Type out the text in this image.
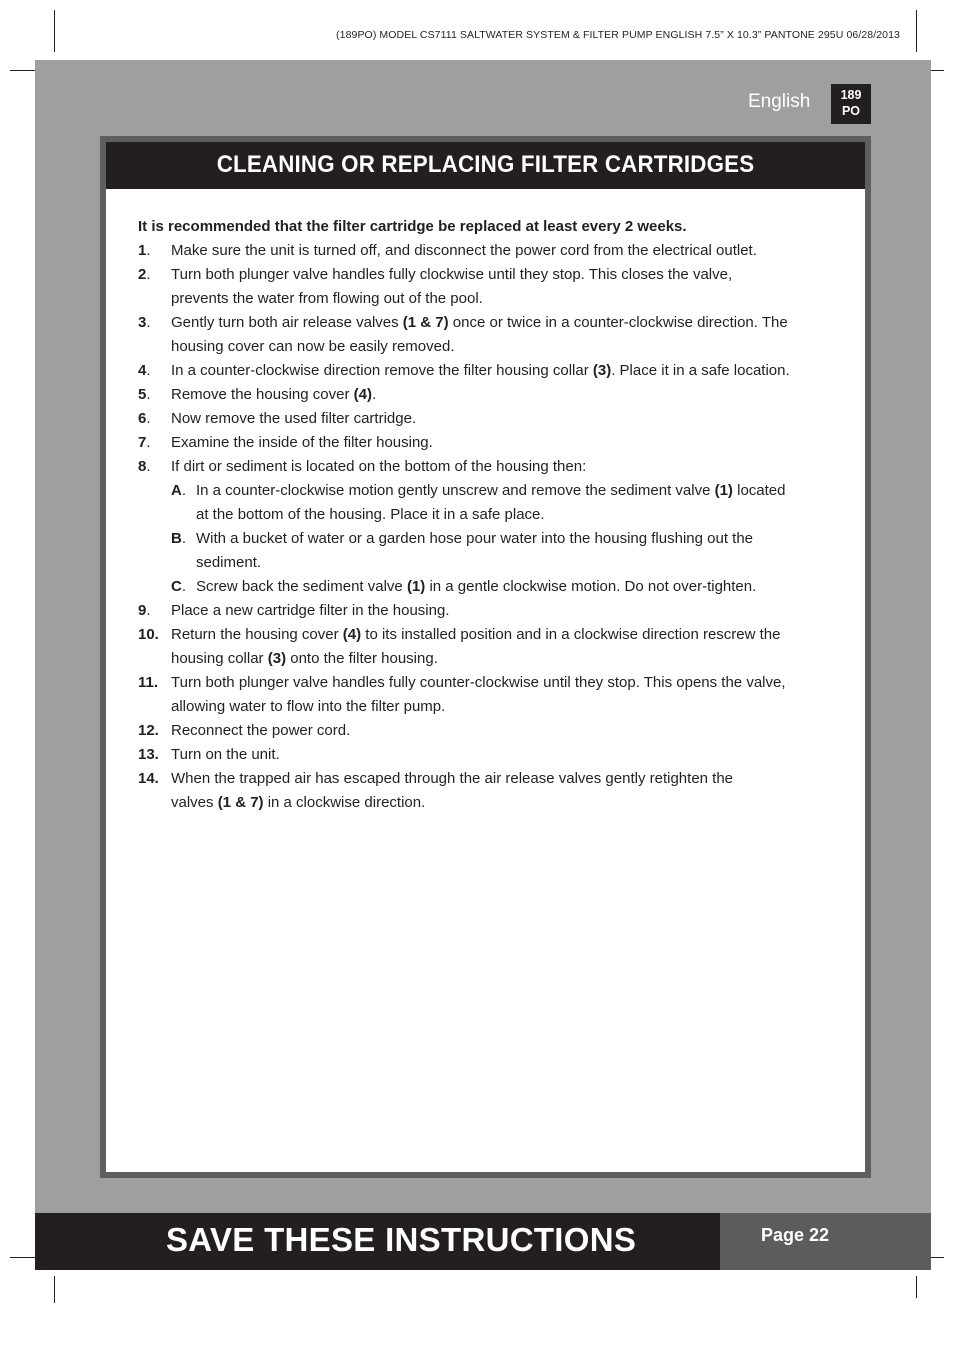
(189PO) MODEL CS7111 SALTWATER SYSTEM & FILTER PUMP ENGLISH 7.5” X 10.3” PANTONE 295U 06/28/2013
English	189
PO
CLEANING OR REPLACING FILTER CARTRIDGES
It is recommended that the filter cartridge be replaced at least every 2 weeks.
1. Make sure the unit is turned off, and disconnect the power cord from the electrical outlet.
2. Turn both plunger valve handles fully clockwise until they stop. This closes the valve,
prevents the water from flowing out of the pool.
3. Gently turn both air release valves (1 & 7) once or twice in a counter-clockwise direction. The
housing cover can now be easily removed.
4. In a counter-clockwise direction remove the filter housing collar (3). Place it in a safe location.
5. Remove the housing cover (4).
6. Now remove the used filter cartridge.
7. Examine the inside of the filter housing.
8. If dirt or sediment is located on the bottom of the housing then:
A. In a counter-clockwise motion gently unscrew and remove the sediment valve (1) located
at the bottom of the housing. Place it in a safe place.
B. With a bucket of water or a garden hose pour water into the housing flushing out the
sediment.
C. Screw back the sediment valve (1) in a gentle clockwise motion. Do not over-tighten.
9. Place a new cartridge filter in the housing.
10. Return the housing cover (4) to its installed position and in a clockwise direction rescrew the
housing collar (3) onto the filter housing.
11. Turn both plunger valve handles fully counter-clockwise until they stop. This opens the valve,
allowing water to flow into the filter pump.
12. Reconnect the power cord.
13. Turn on the unit.
14. When the trapped air has escaped through the air release valves gently retighten the
valves (1 & 7) in a clockwise direction.
SAVE THESE INSTRUCTIONS	Page 22
